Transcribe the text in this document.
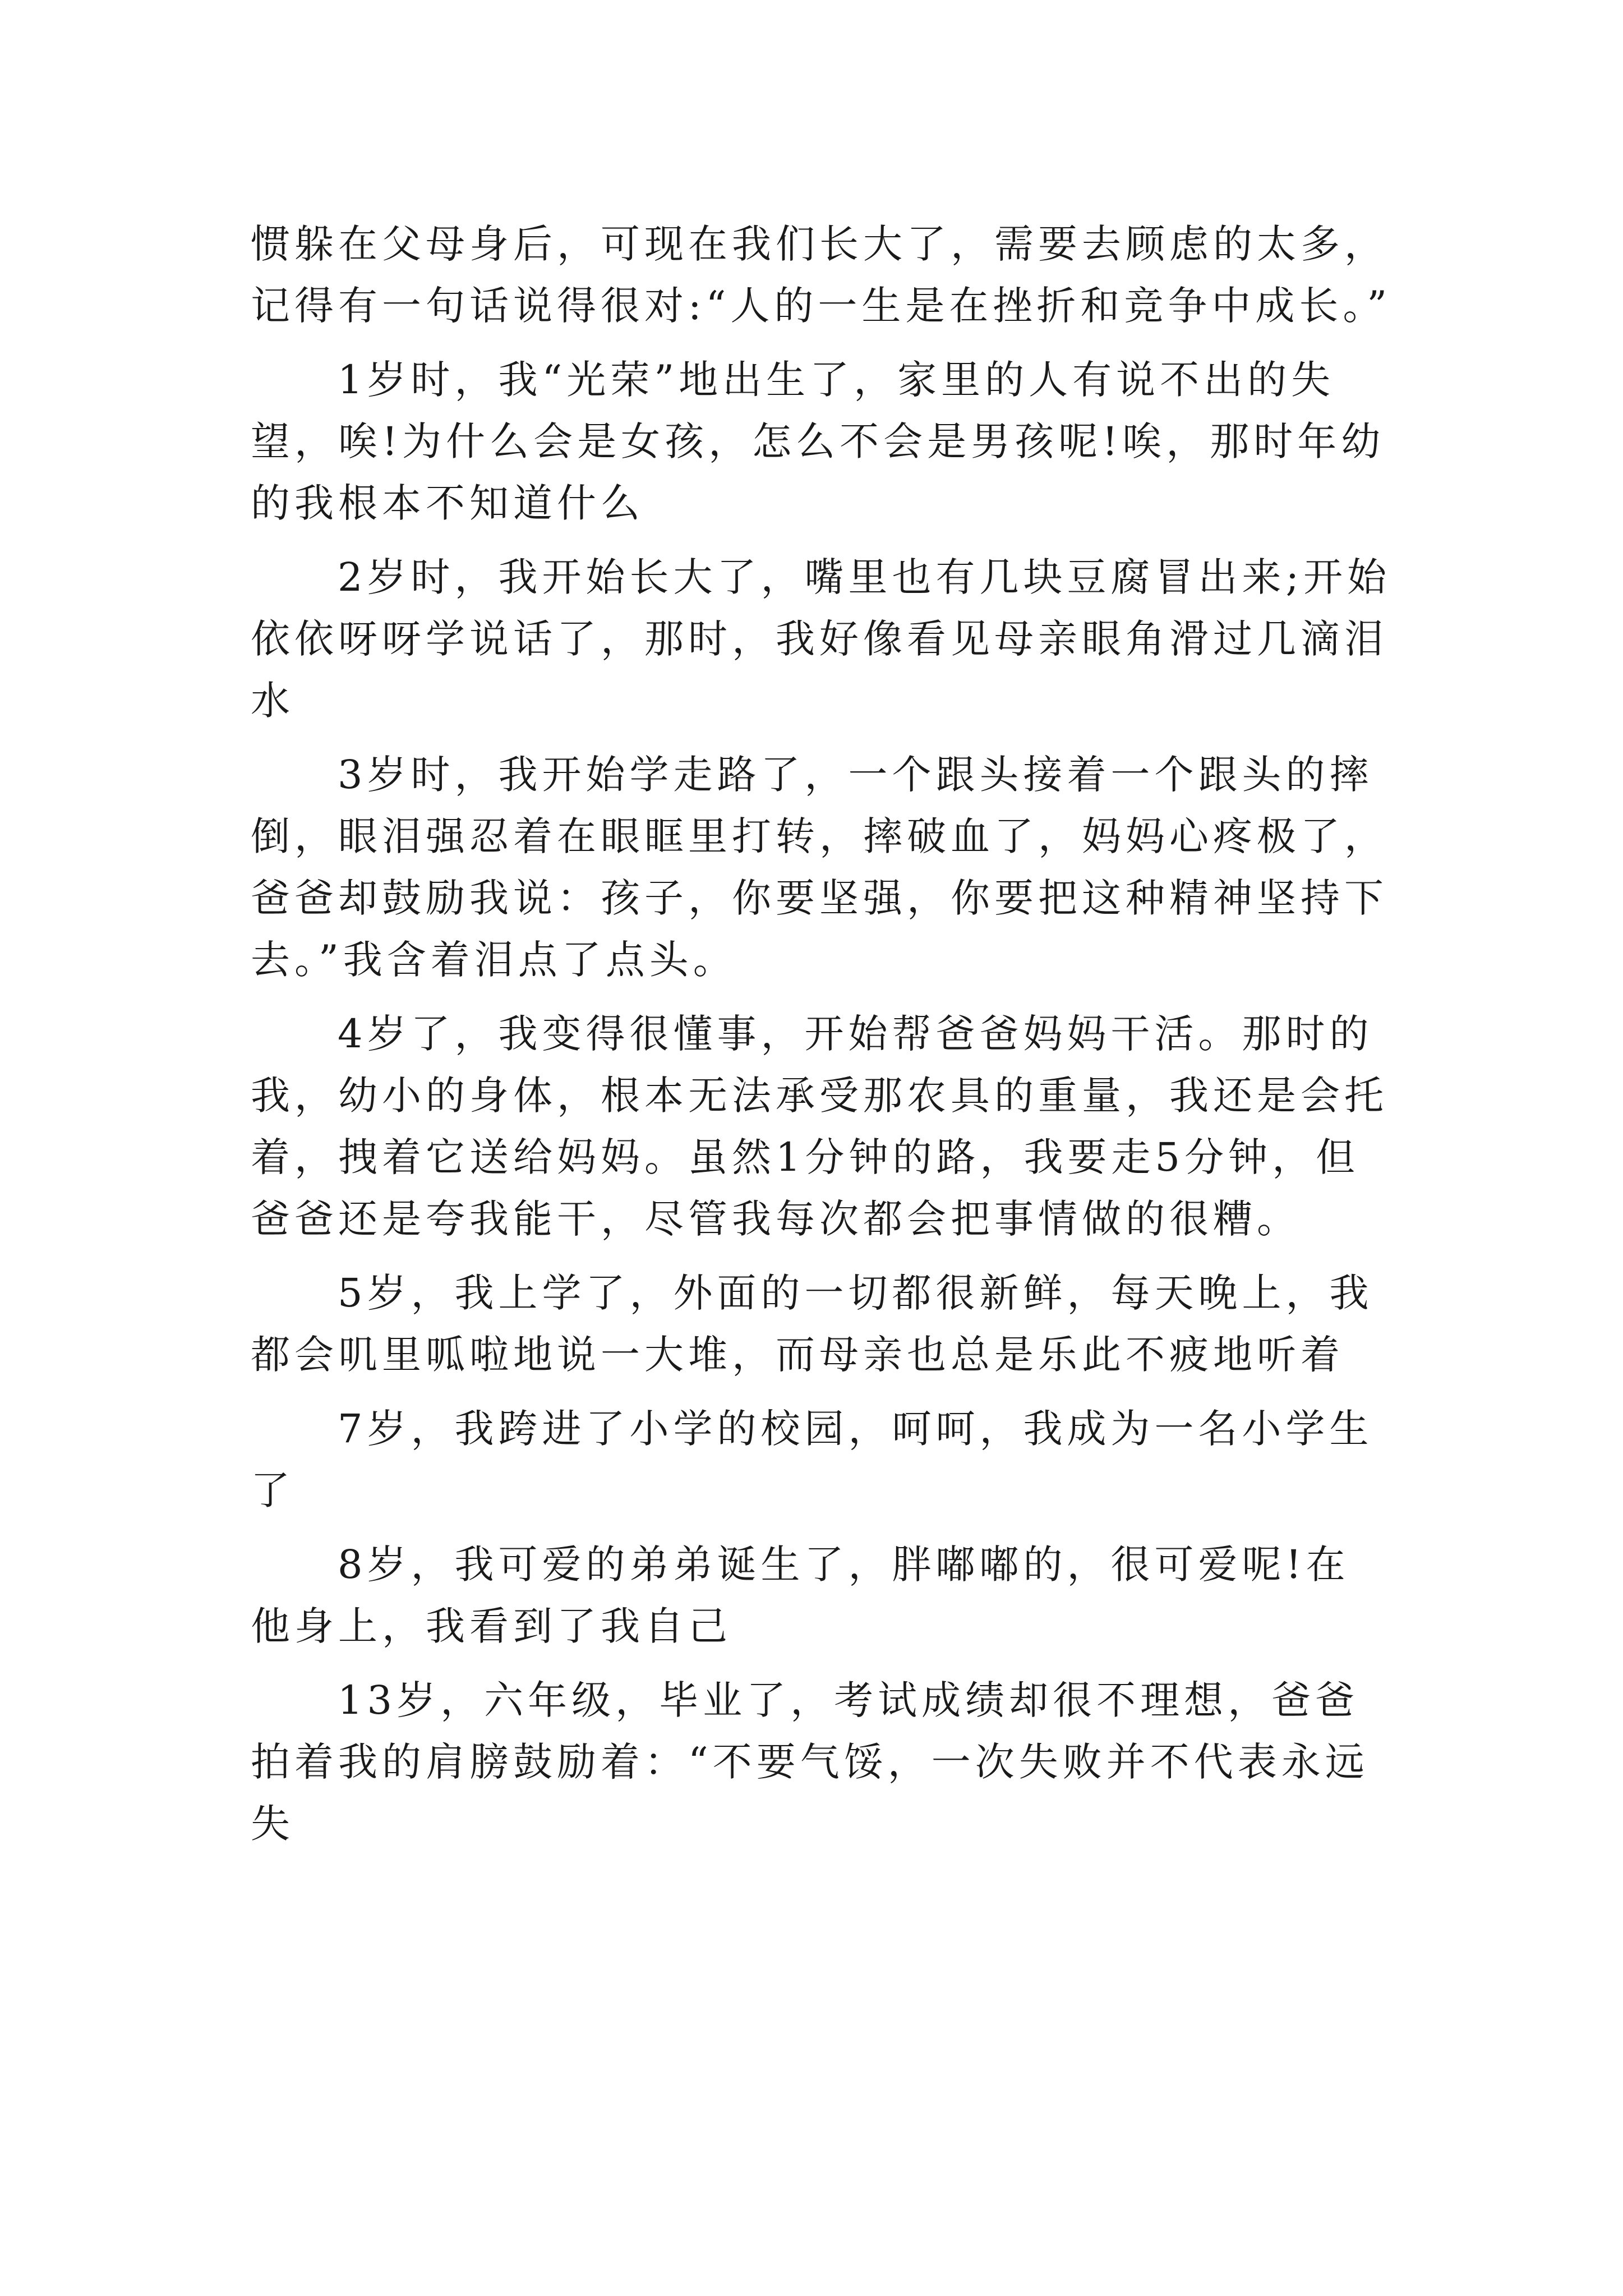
惯躲在父母身后，可现在我们长大了，需要去顾虑的太多，记得有一句话说得很对:“人的一生是在挫折和竞争中成长。”

1岁时，我“光荣”地出生了，家里的人有说不出的失望，唉!为什么会是女孩，怎么不会是男孩呢!唉，那时年幼的我根本不知道什么

2岁时，我开始长大了，嘴里也有几块豆腐冒出来;开始依依呀呀学说话了，那时，我好像看见母亲眼角滑过几滴泪水

3岁时，我开始学走路了，一个跟头接着一个跟头的摔倒，眼泪强忍着在眼眶里打转，摔破血了，妈妈心疼极了，爸爸却鼓励我说：孩子，你要坚强，你要把这种精神坚持下去。”我含着泪点了点头。

4岁了，我变得很懂事，开始帮爸爸妈妈干活。那时的我，幼小的身体，根本无法承受那农具的重量，我还是会托着，拽着它送给妈妈。虽然1分钟的路，我要走5分钟，但爸爸还是夸我能干，尽管我每次都会把事情做的很糟。

5岁，我上学了，外面的一切都很新鲜，每天晚上，我都会叽里呱啦地说一大堆，而母亲也总是乐此不疲地听着

7岁，我跨进了小学的校园，呵呵，我成为一名小学生了

8岁，我可爱的弟弟诞生了，胖嘟嘟的，很可爱呢!在他身上，我看到了我自己

13岁，六年级，毕业了，考试成绩却很不理想，爸爸拍着我的肩膀鼓励着：“不要气馁，一次失败并不代表永远失
